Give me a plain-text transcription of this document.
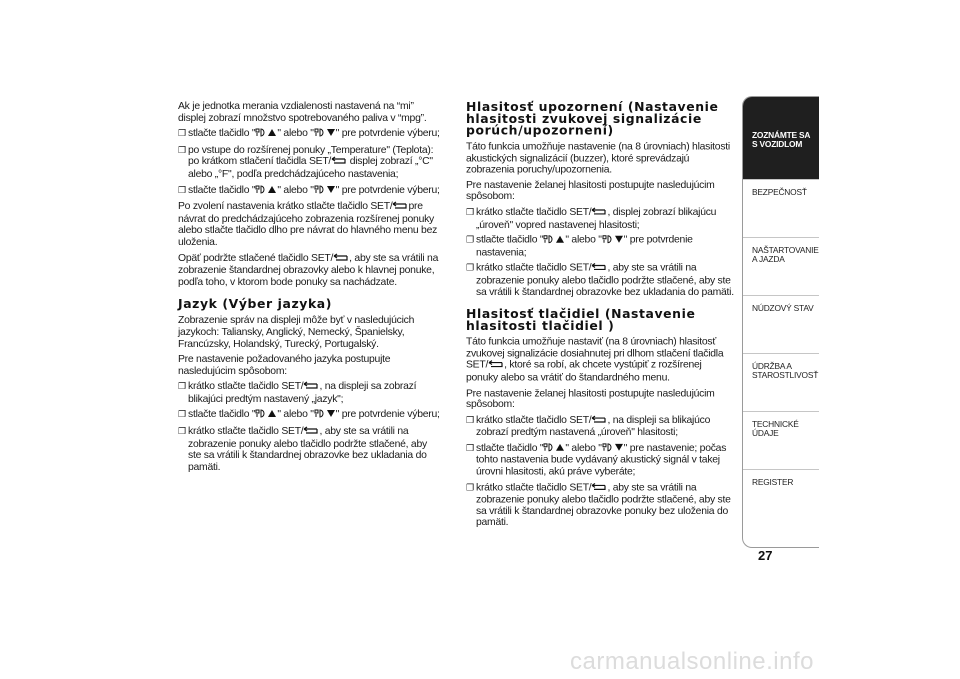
Ak je jednotka merania vzdialenosti nastavená na “mi” displej zobrazí množstvo spotrebovaného paliva v “mpg”.

❒ stlačte tlačidlo " " alebo " " pre potvrdenie výberu;
❒ po vstupe do rozšírenej ponuky „Temperature" (Teplota): po krátkom stlačení tlačidla SET/ displej zobrazí „°C" alebo „°F", podľa predchádzajúceho nastavenia;
❒ stlačte tlačidlo " " alebo " " pre potvrdenie výberu;

Po zvolení nastavenia krátko stlačte tlačidlo SET/ pre návrat do predchádzajúceho zobrazenia rozšírenej ponuky alebo stlačte tlačidlo dlho pre návrat do hlavného menu bez uloženia.

Opäť podržte stlačené tlačidlo SET/ , aby ste sa vrátili na zobrazenie štandardnej obrazovky alebo k hlavnej ponuke, podľa toho, v ktorom bode ponuky sa nachádzate.

Jazyk (Výber jazyka)

Zobrazenie správ na displeji môže byť v nasledujúcich jazykoch: Taliansky, Anglický, Nemecký, Španielsky, Francúzsky, Holandský, Turecký, Portugalský.

Pre nastavenie požadovaného jazyka postupujte nasledujúcim spôsobom:

❒ krátko stlačte tlačidlo SET/ , na displeji sa zobrazí blikajúci predtým nastavený „jazyk";
❒ stlačte tlačidlo " " alebo " " pre potvrdenie výberu;
❒ krátko stlačte tlačidlo SET/ , aby ste sa vrátili na zobrazenie ponuky alebo tlačidlo podržte stlačené, aby ste sa vrátili k štandardnej obrazovke bez ukladania do pamäti.
Hlasitosť upozornení (Nastavenie hlasitosti zvukovej signalizácie porúch/upozornení)

Táto funkcia umožňuje nastavenie (na 8 úrovniach) hlasitosti akustických signalizácií (buzzer), ktoré sprevádzajú zobrazenia poruchy/upozornenia.

Pre nastavenie želanej hlasitosti postupujte nasledujúcim spôsobom:

❒ krátko stlačte tlačidlo SET/ , displej zobrazí blikajúcu „úroveň" vopred nastavenej hlasitosti;
❒ stlačte tlačidlo " " alebo " " pre potvrdenie nastavenia;
❒ krátko stlačte tlačidlo SET/ , aby ste sa vrátili na zobrazenie ponuky alebo tlačidlo podržte stlačené, aby ste sa vrátili k štandardnej obrazovke bez ukladania do pamäti.
Hlasitosť tlačidiel (Nastavenie hlasitosti tlačidiel )

Táto funkcia umožňuje nastaviť (na 8 úrovniach) hlasitosť zvukovej signalizácie dosiahnutej pri dlhom stlačení tlačidla SET/ , ktoré sa robí, ak chcete vystúpiť z rozšírenej ponuky alebo sa vrátiť do štandardného menu.

Pre nastavenie želanej hlasitosti postupujte nasledujúcim spôsobom:

❒ krátko stlačte tlačidlo SET/ , na displeji sa blikajúco zobrazí predtým nastavená „úroveň" hlasitosti;
❒ stlačte tlačidlo " " alebo " " pre nastavenie; počas tohto nastavenia bude vydávaný akustický signál v takej úrovni hlasitosti, akú práve vyberáte;
❒ krátko stlačte tlačidlo SET/ , aby ste sa vrátili na zobrazenie ponuky alebo tlačidlo podržte stlačené, aby ste sa vrátili k štandardnej obrazovke ponuky bez uloženia do pamäti.
ZOZNÁMTE SA S VOZIDLOM
BEZPEČNOSŤ
NAŠTARTOVANIE A JAZDA
NÚDZOVÝ STAV
ÚDRŽBA A STAROSTLIVOSŤ
TECHNICKÉ ÚDAJE
REGISTER
27
carmanualsonline.info
